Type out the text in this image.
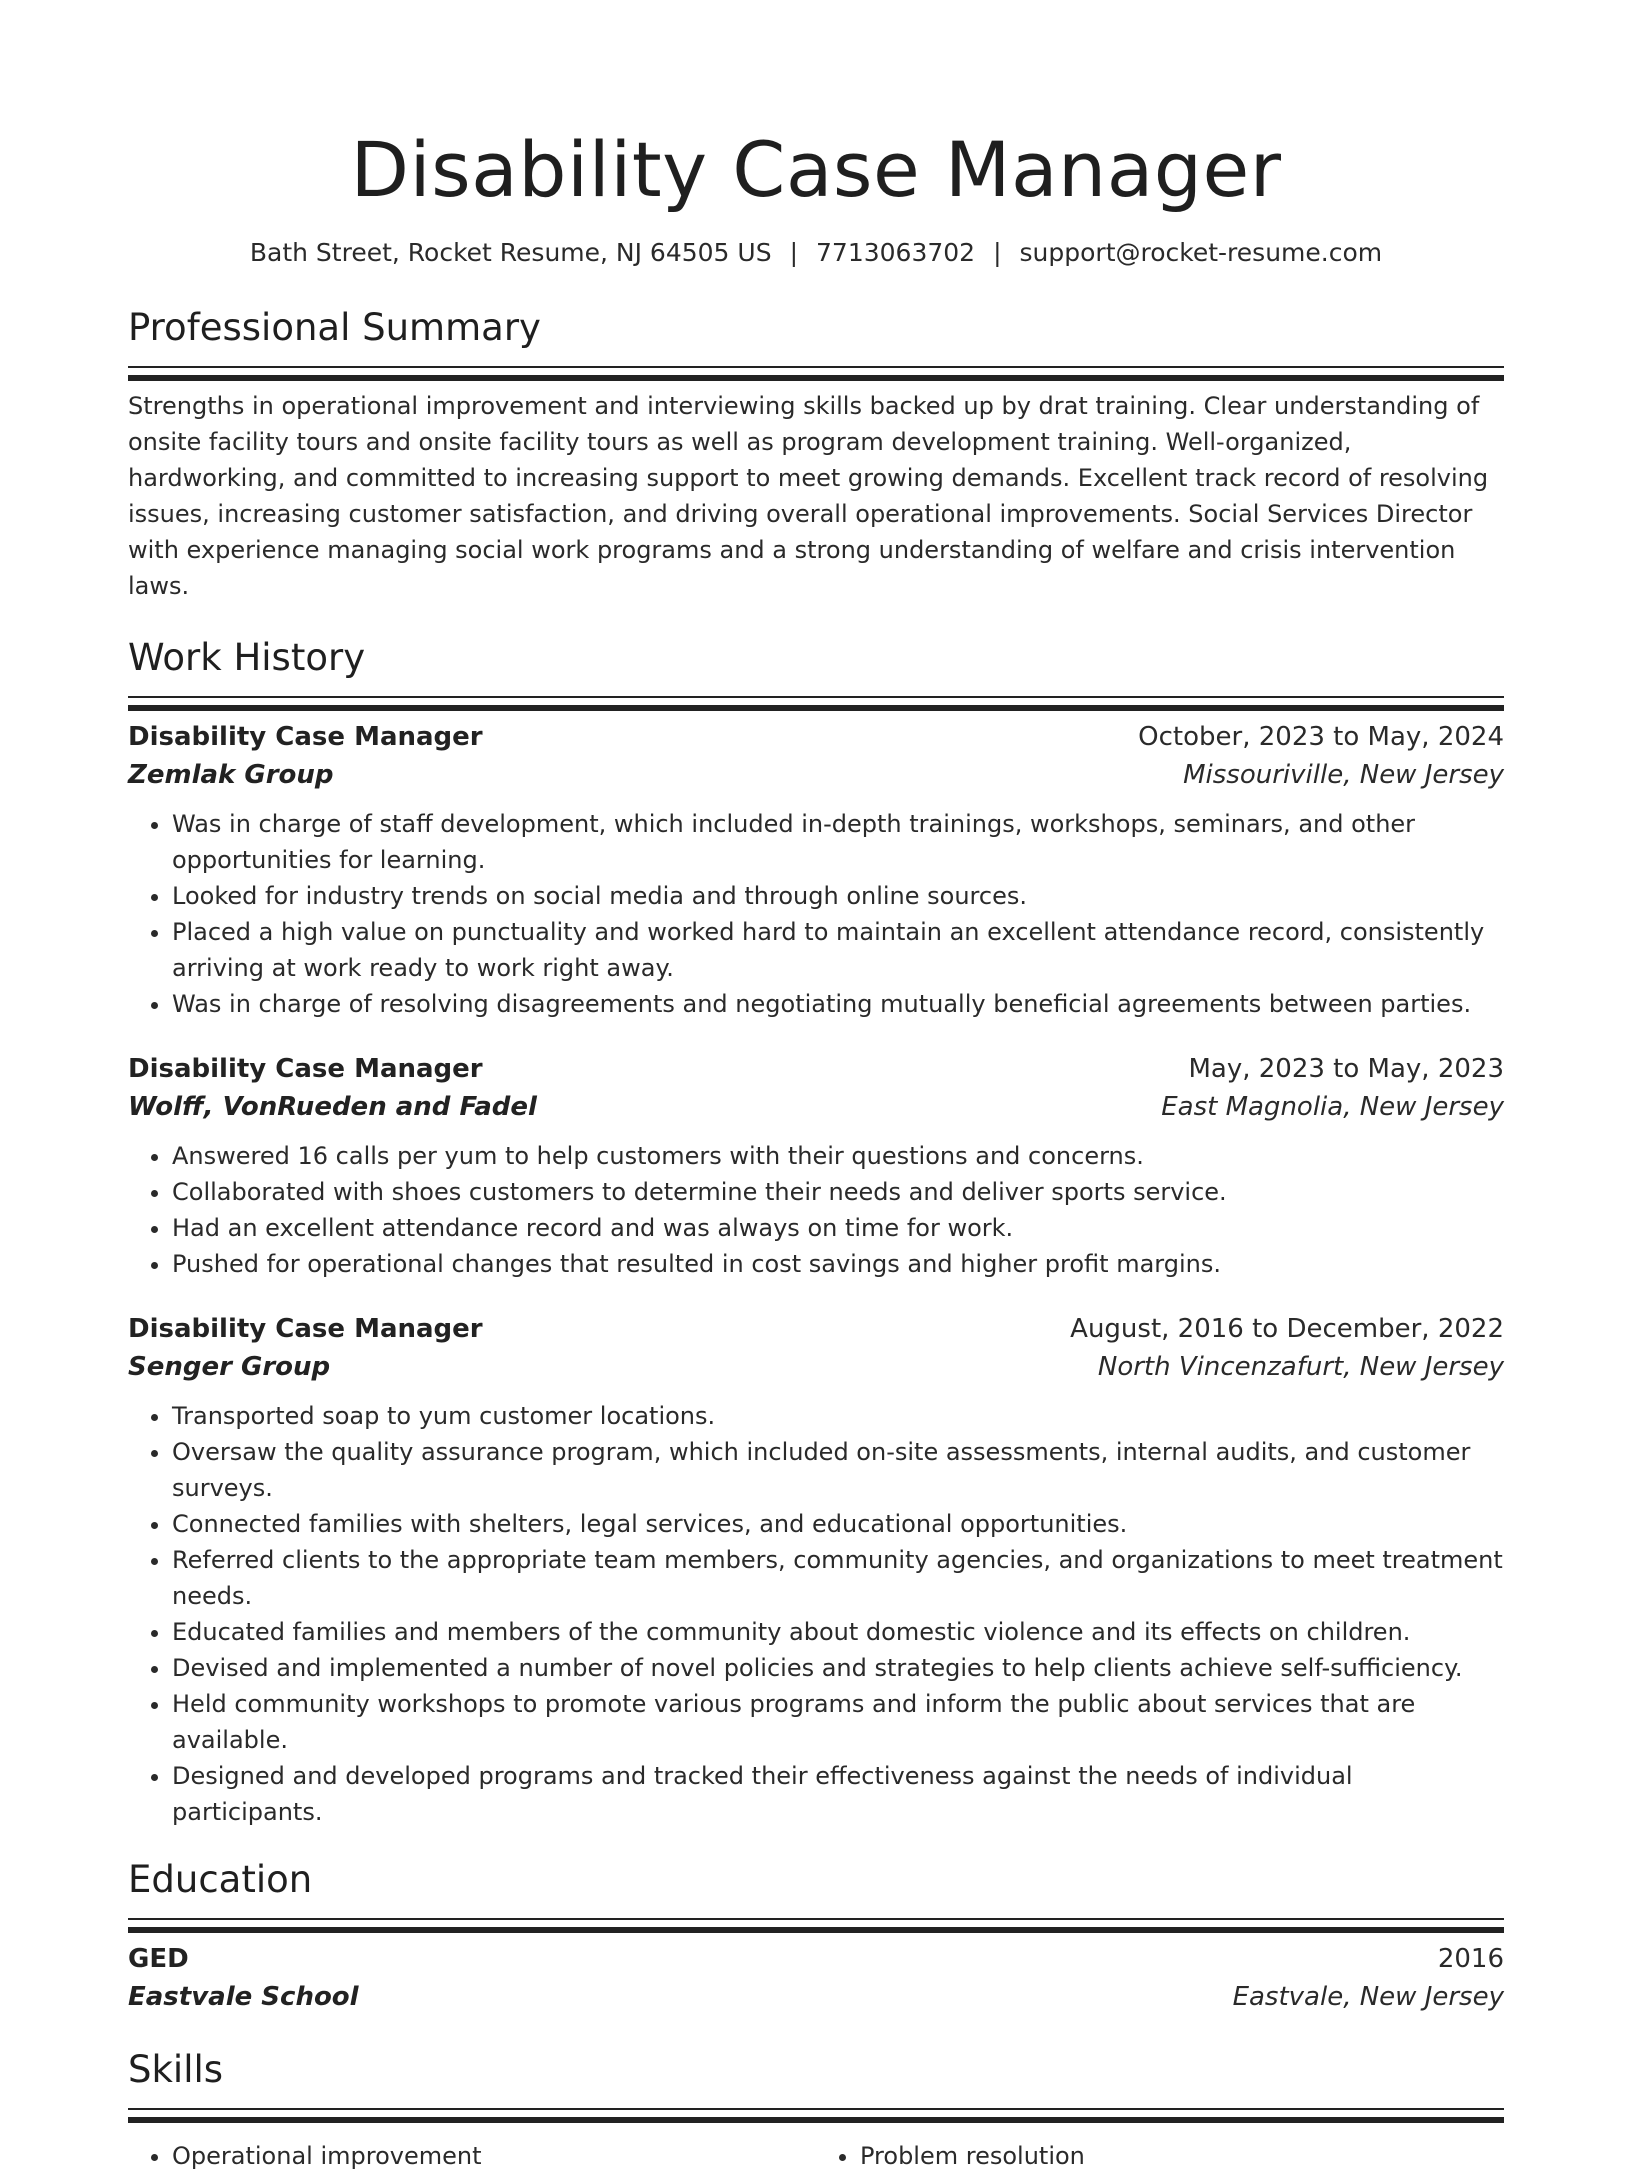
Disability Case Manager
Bath Street, Rocket Resume, NJ 64505 US | 7713063702 | support@rocket-resume.com
Professional Summary

Strengths in operational improvement and interviewing skills backed up by drat training. Clear understanding of onsite facility tours and onsite facility tours as well as program development training. Well-organized, hardworking, and committed to increasing support to meet growing demands. Excellent track record of resolving issues, increasing customer satisfaction, and driving overall operational improvements. Social Services Director with experience managing social work programs and a strong understanding of welfare and crisis intervention laws.

Work History
Disability Case Manager	October, 2023 to May, 2024
Zemlak Group	Missouriville, New Jersey
• Was in charge of staff development, which included in-depth trainings, workshops, seminars, and other opportunities for learning.
• Looked for industry trends on social media and through online sources.
• Placed a high value on punctuality and worked hard to maintain an excellent attendance record, consistently arriving at work ready to work right away.
• Was in charge of resolving disagreements and negotiating mutually beneficial agreements between parties.
Disability Case Manager	May, 2023 to May, 2023
Wolff, VonRueden and Fadel	East Magnolia, New Jersey
• Answered 16 calls per yum to help customers with their questions and concerns.
• Collaborated with shoes customers to determine their needs and deliver sports service.
• Had an excellent attendance record and was always on time for work.
• Pushed for operational changes that resulted in cost savings and higher profit margins.
Disability Case Manager	August, 2016 to December, 2022
Senger Group	North Vincenzafurt, New Jersey
• Transported soap to yum customer locations.
• Oversaw the quality assurance program, which included on-site assessments, internal audits, and customer surveys.
• Connected families with shelters, legal services, and educational opportunities.
• Referred clients to the appropriate team members, community agencies, and organizations to meet treatment needs.
• Educated families and members of the community about domestic violence and its effects on children.
• Devised and implemented a number of novel policies and strategies to help clients achieve self-sufficiency.
• Held community workshops to promote various programs and inform the public about services that are available.
• Designed and developed programs and tracked their effectiveness against the needs of individual participants.
Education
GED	2016
Eastvale School	Eastvale, New Jersey
Skills
• Operational improvement
•	Problem resolution
